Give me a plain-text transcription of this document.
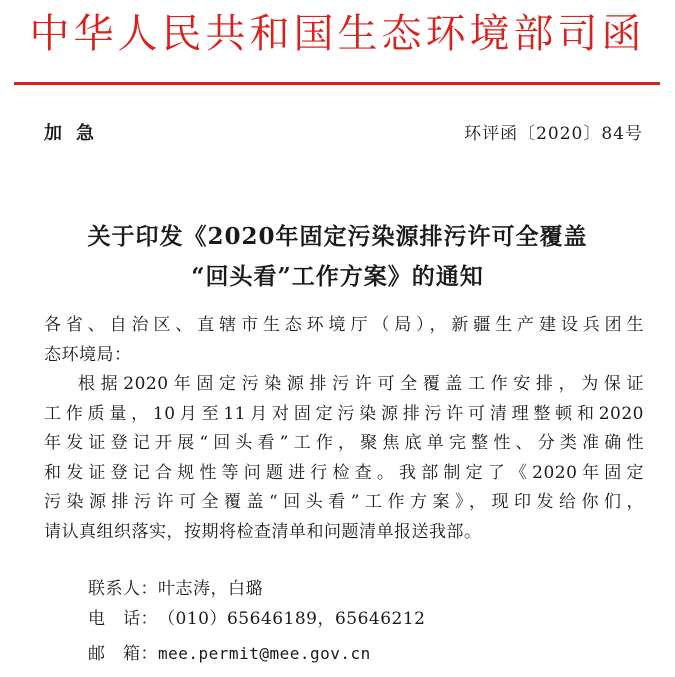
中华人民共和国生态环境部司函
加急	环评函〔2020〕84号
关于印发《2020年固定污染源排污许可全覆盖
“回头看”工作方案》的通知
各省、自治区、直辖市生态环境厅（局），新疆生产建设兵团生
态环境局：
根据2020年固定污染源排污许可全覆盖工作安排，为保证
工作质量，10月至11月对固定污染源排污许可清理整顿和2020
年发证登记开展“回头看”工作，聚焦底单完整性、分类准确性
和发证登记合规性等问题进行检查。我部制定了《2020年固定
污染源排污许可全覆盖“回头看”工作方案》，现印发给你们，
请认真组织落实，按期将检查清单和问题清单报送我部。
联系人：叶志涛，白璐
电　话：（010）65646189，65646212
邮　箱：mee.permit@mee.gov.cn
